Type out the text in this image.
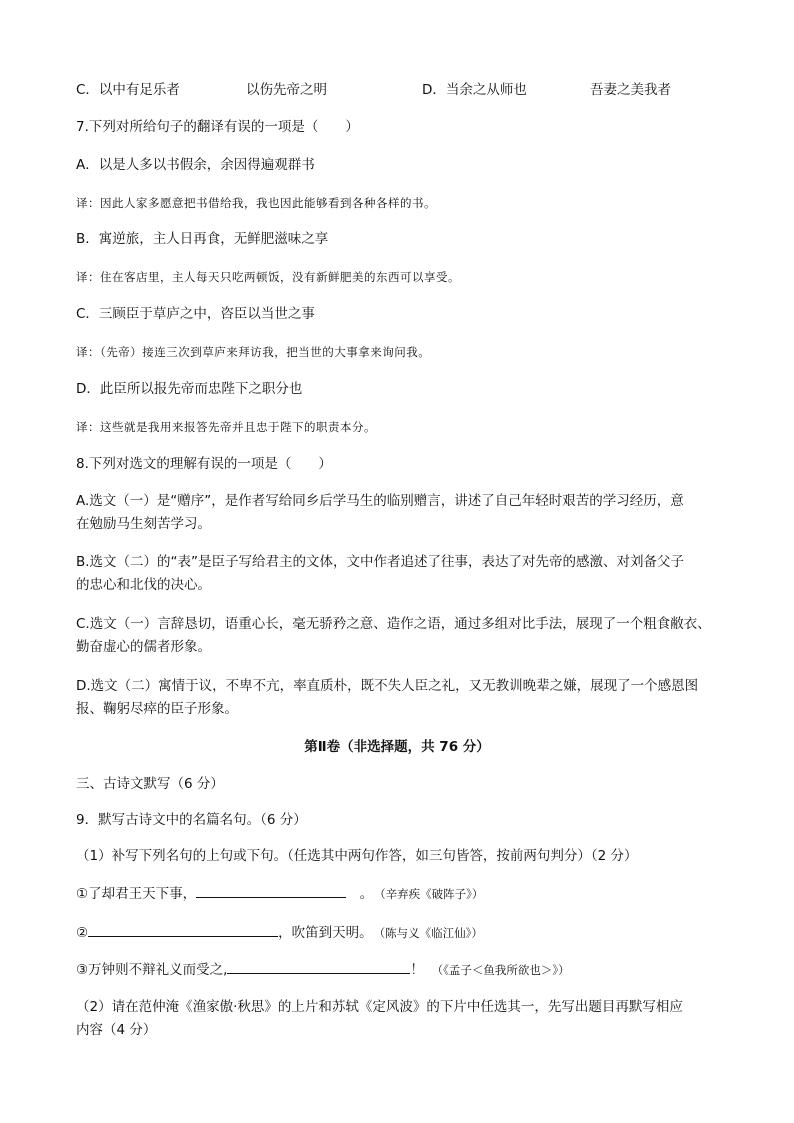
C．以中有足乐者	以伤先帝之明	D．当余之从师也	吾妻之美我者
7.下列对所给句子的翻译有误的一项是（　　）
A．以是人多以书假余，余因得遍观群书
译：因此人家多愿意把书借给我，我也因此能够看到各种各样的书。
B．寓逆旅，主人日再食，无鲜肥滋味之享
译：住在客店里，主人每天只吃两顿饭，没有新鲜肥美的东西可以享受。
C．三顾臣于草庐之中，咨臣以当世之事
译：（先帝）接连三次到草庐来拜访我，把当世的大事拿来询问我。
D．此臣所以报先帝而忠陛下之职分也
译：这些就是我用来报答先帝并且忠于陛下的职责本分。
8.下列对选文的理解有误的一项是（　　）
A.选文（一）是“赠序”，是作者写给同乡后学马生的临别赠言，讲述了自己年轻时艰苦的学习经历，意
在勉励马生刻苦学习。
B.选文（二）的“表”是臣子写给君主的文体，文中作者追述了往事，表达了对先帝的感激、对刘备父子
的忠心和北伐的决心。
C.选文（一）言辞恳切，语重心长，毫无骄矜之意、造作之语，通过多组对比手法，展现了一个粗食敝衣、
勤奋虚心的儒者形象。
D.选文（二）寓情于议，不卑不亢，率直质朴，既不失人臣之礼，又无教训晚辈之嫌，展现了一个感恩图
报、鞠躬尽瘁的臣子形象。
第Ⅱ卷（非选择题，共 76 分）
三、古诗文默写（6 分）
9．默写古诗文中的名篇名句。（6 分）
（1）补写下列名句的上句或下句。（任选其中两句作答，如三句皆答，按前两句判分）（2 分）
①了却君王天下事，　	。　 （辛弃疾《破阵子》）
②	，吹笛到天明。　 （陈与义《临江仙》）
③万钟则不辩礼义而受之,	！　 （《孟子＜鱼我所欲也＞》）
（2）请在范仲淹《渔家傲·秋思》的上片和苏轼《定风波》的下片中任选其一，先写出题目再默写相应
内容（4 分）
